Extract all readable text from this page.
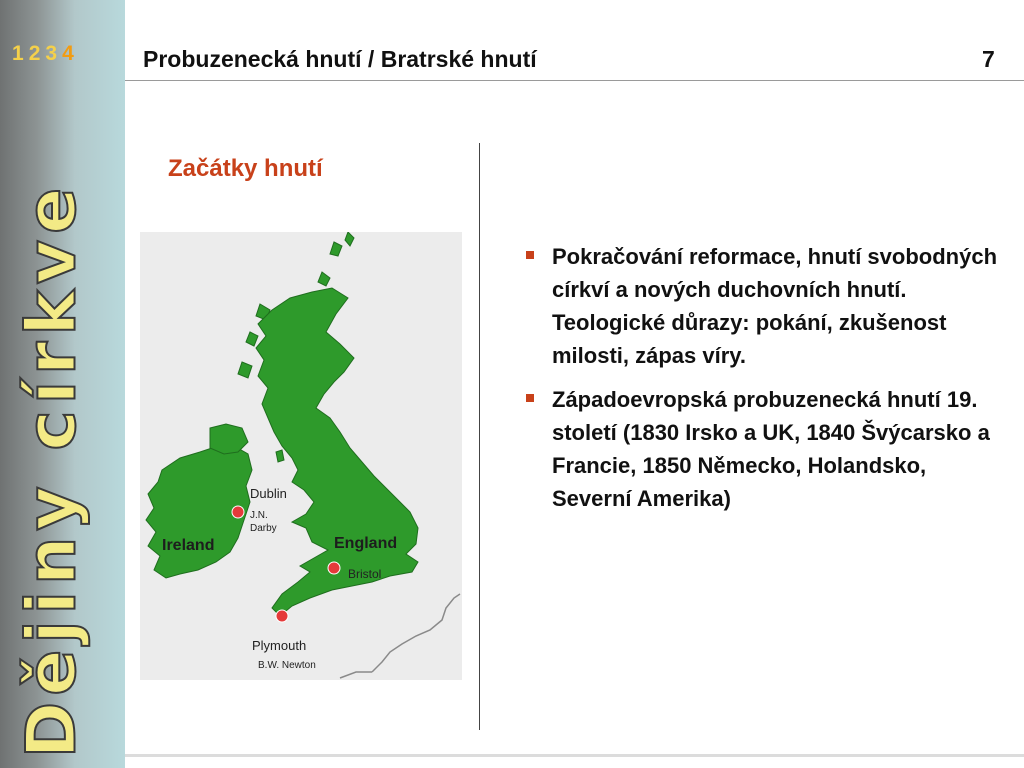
1 2 3 4
Dějiny církve
Probuzenecká hnutí / Bratrské hnutí	7
Začátky hnutí
Dublin
J.N.
Darby
Ireland	England
Bristol
Plymouth
B.W. Newton
Pokračování reformace, hnutí svobodných církví a nových duchovních hnutí. Teologické důrazy: pokání, zkušenost milosti, zápas víry.
Západoevropská probuzenecká hnutí 19. století (1830 Irsko a UK, 1840 Švýcarsko a Francie, 1850 Německo, Holandsko, Severní Amerika)
